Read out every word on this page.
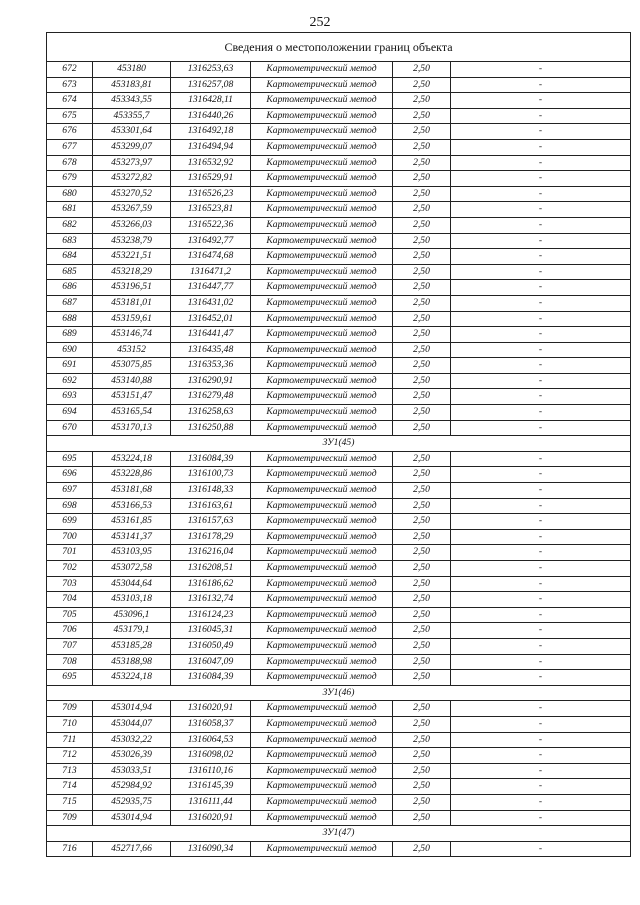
252
Сведения о местоположении границ объекта					
672	453180	1316253,63	Картометрический метод	2,50	-
673	453183,81	1316257,08	Картометрический метод	2,50	-
674	453343,55	1316428,11	Картометрический метод	2,50	-
675	453355,7	1316440,26	Картометрический метод	2,50	-
676	453301,64	1316492,18	Картометрический метод	2,50	-
677	453299,07	1316494,94	Картометрический метод	2,50	-
678	453273,97	1316532,92	Картометрический метод	2,50	-
679	453272,82	1316529,91	Картометрический метод	2,50	-
680	453270,52	1316526,23	Картометрический метод	2,50	-
681	453267,59	1316523,81	Картометрический метод	2,50	-
682	453266,03	1316522,36	Картометрический метод	2,50	-
683	453238,79	1316492,77	Картометрический метод	2,50	-
684	453221,51	1316474,68	Картометрический метод	2,50	-
685	453218,29	1316471,2	Картометрический метод	2,50	-
686	453196,51	1316447,77	Картометрический метод	2,50	-
687	453181,01	1316431,02	Картометрический метод	2,50	-
688	453159,61	1316452,01	Картометрический метод	2,50	-
689	453146,74	1316441,47	Картометрический метод	2,50	-
690	453152	1316435,48	Картометрический метод	2,50	-
691	453075,85	1316353,36	Картометрический метод	2,50	-
692	453140,88	1316290,91	Картометрический метод	2,50	-
693	453151,47	1316279,48	Картометрический метод	2,50	-
694	453165,54	1316258,63	Картометрический метод	2,50	-
670	453170,13	1316250,88	Картометрический метод	2,50	-
ЗУ1(45)					
695	453224,18	1316084,39	Картометрический метод	2,50	-
696	453228,86	1316100,73	Картометрический метод	2,50	-
697	453181,68	1316148,33	Картометрический метод	2,50	-
698	453166,53	1316163,61	Картометрический метод	2,50	-
699	453161,85	1316157,63	Картометрический метод	2,50	-
700	453141,37	1316178,29	Картометрический метод	2,50	-
701	453103,95	1316216,04	Картометрический метод	2,50	-
702	453072,58	1316208,51	Картометрический метод	2,50	-
703	453044,64	1316186,62	Картометрический метод	2,50	-
704	453103,18	1316132,74	Картометрический метод	2,50	-
705	453096,1	1316124,23	Картометрический метод	2,50	-
706	453179,1	1316045,31	Картометрический метод	2,50	-
707	453185,28	1316050,49	Картометрический метод	2,50	-
708	453188,98	1316047,09	Картометрический метод	2,50	-
695	453224,18	1316084,39	Картометрический метод	2,50	-
ЗУ1(46)					
709	453014,94	1316020,91	Картометрический метод	2,50	-
710	453044,07	1316058,37	Картометрический метод	2,50	-
711	453032,22	1316064,53	Картометрический метод	2,50	-
712	453026,39	1316098,02	Картометрический метод	2,50	-
713	453033,51	1316110,16	Картометрический метод	2,50	-
714	452984,92	1316145,39	Картометрический метод	2,50	-
715	452935,75	1316111,44	Картометрический метод	2,50	-
709	453014,94	1316020,91	Картометрический метод	2,50	-
ЗУ1(47)					
716	452717,66	1316090,34	Картометрический метод	2,50	-
